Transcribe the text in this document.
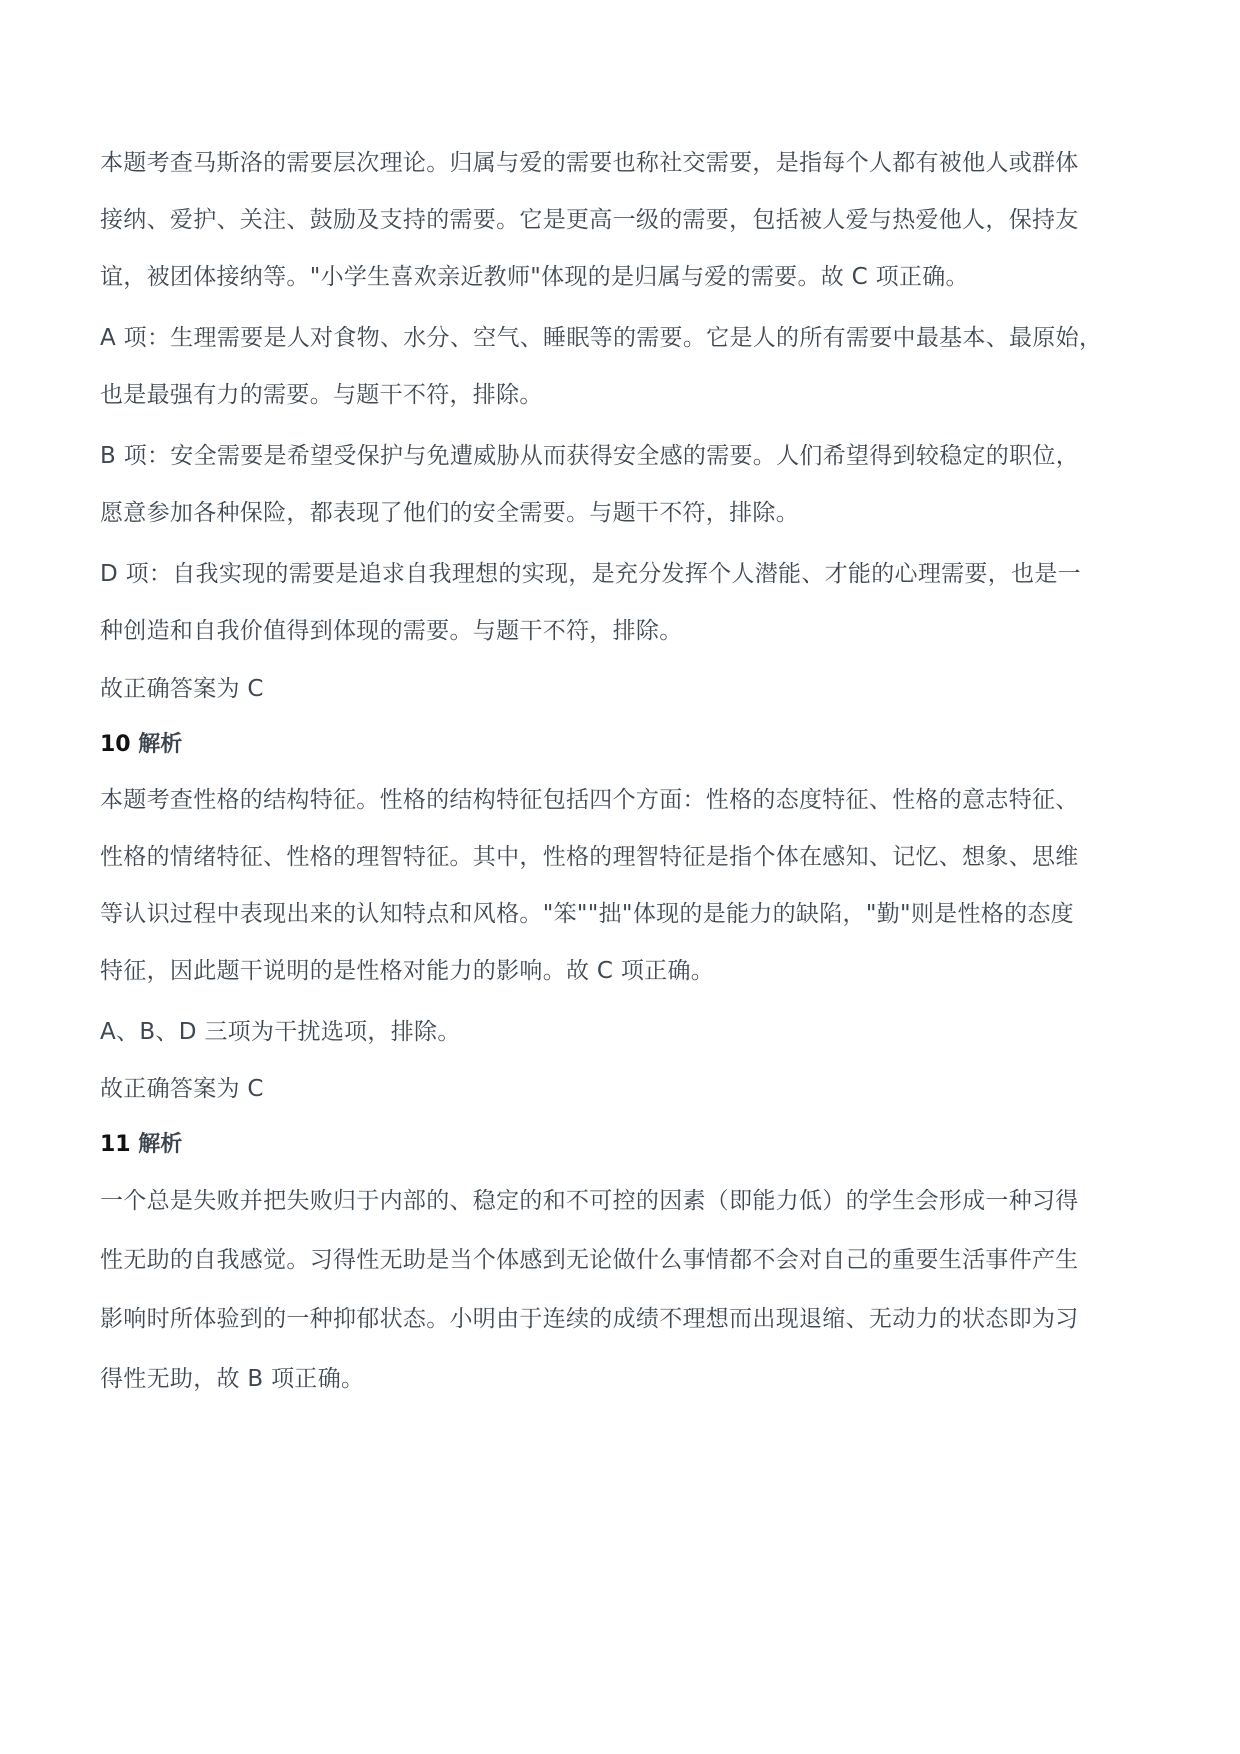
本题考查马斯洛的需要层次理论。归属与爱的需要也称社交需要，是指每个人都有被他人或群体
接纳、爱护、关注、鼓励及支持的需要。它是更高一级的需要，包括被人爱与热爱他人，保持友
谊，被团体接纳等。"小学生喜欢亲近教师"体现的是归属与爱的需要。故 C 项正确。
A 项：生理需要是人对食物、水分、空气、睡眠等的需要。它是人的所有需要中最基本、最原始，
也是最强有力的需要。与题干不符，排除。
B 项：安全需要是希望受保护与免遭威胁从而获得安全感的需要。人们希望得到较稳定的职位，
愿意参加各种保险，都表现了他们的安全需要。与题干不符，排除。
D 项：自我实现的需要是追求自我理想的实现，是充分发挥个人潜能、才能的心理需要，也是一
种创造和自我价值得到体现的需要。与题干不符，排除。
故正确答案为 C
10 解析
本题考查性格的结构特征。性格的结构特征包括四个方面：性格的态度特征、性格的意志特征、
性格的情绪特征、性格的理智特征。其中，性格的理智特征是指个体在感知、记忆、想象、思维
等认识过程中表现出来的认知特点和风格。"笨""拙"体现的是能力的缺陷，"勤"则是性格的态度
特征，因此题干说明的是性格对能力的影响。故 C 项正确。
A、B、D 三项为干扰选项，排除。
故正确答案为 C
11 解析
一个总是失败并把失败归于内部的、稳定的和不可控的因素（即能力低）的学生会形成一种习得
性无助的自我感觉。习得性无助是当个体感到无论做什么事情都不会对自己的重要生活事件产生
影响时所体验到的一种抑郁状态。小明由于连续的成绩不理想而出现退缩、无动力的状态即为习
得性无助，故 B 项正确。
